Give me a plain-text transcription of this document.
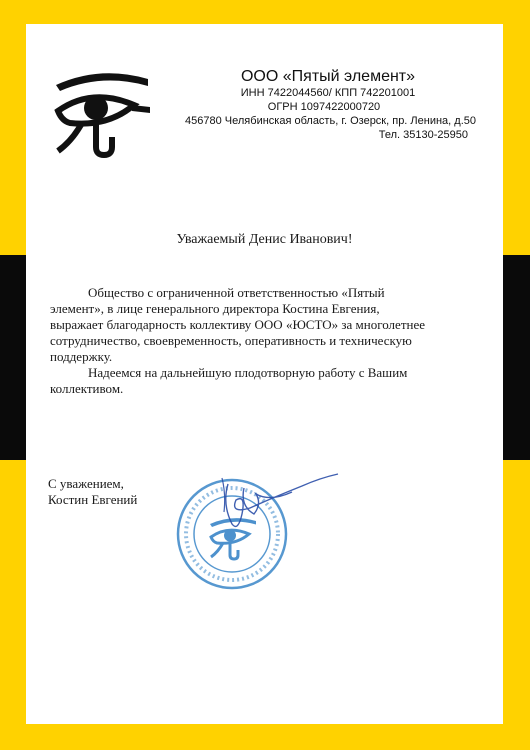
ООО «Пятый элемент»
ИНН 7422044560/ КПП 742201001
ОГРН 1097422000720
456780 Челябинская область, г. Озерск, пр. Ленина, д.50
Тел. 35130-25950
Уважаемый Денис Иванович!

Общество с ограниченной ответственностью «Пятый

элемент», в лице генерального директора Костина Евгения,

выражает благодарность коллективу ООО «ЮСТО» за многолетнее

сотрудничество, своевременность, оперативность и техническую

поддержку.

Надеемся на дальнейшую плодотворную работу с Вашим

коллективом.

С уважением,
Костин Евгений
